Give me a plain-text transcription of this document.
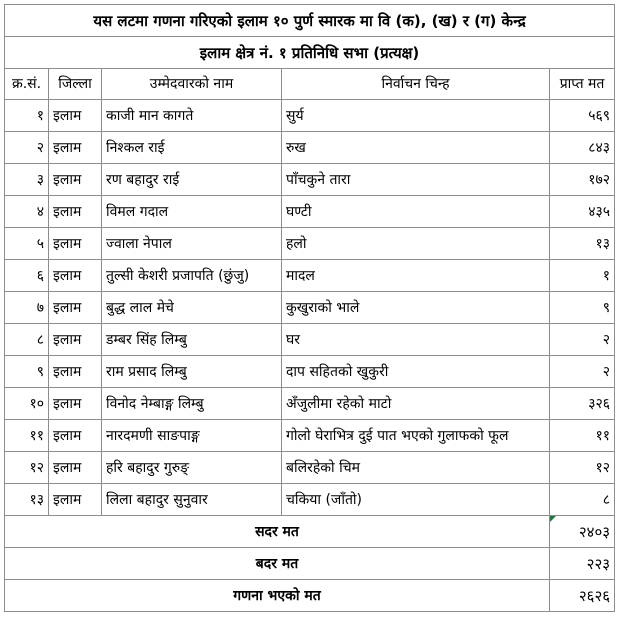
यस लटमा गणना गरिएको इलाम १० पुर्ण स्मारक मा वि (क), (ख) र (ग) केन्द्र				
इलाम क्षेत्र नं. १ प्रतिनिधि सभा (प्रत्यक्ष)				
क्र.सं.	जिल्ला	उम्मेदवारको नाम	निर्वाचन चिन्ह	प्राप्त मत
१	इलाम	काजी मान कागते	सुर्य	५६९
२	इलाम	निश्कल राई	रुख	८४३
३	इलाम	रण बहादुर राई	पाँचकुने तारा	१७२
४	इलाम	विमल गदाल	घण्टी	४३५
५	इलाम	ज्वाला नेपाल	हलो	१३
६	इलाम	तुल्सी केशरी प्रजापति (छुंजु)	मादल	१
७	इलाम	बुद्ध लाल मेचे	कुखुराको भाले	९
८	इलाम	डम्बर सिंह लिम्बु	घर	२
९	इलाम	राम प्रसाद लिम्बु	दाप सहितको खुकुरी	२
१०	इलाम	विनोद नेम्बाङ्ग लिम्बु	अँजुलीमा रहेको माटो	३२६
११	इलाम	नारदमणी साङपाङ्ग	गोलो घेराभित्र दुई पात भएको गुलाफको फूल	११
१२	इलाम	हरि बहादुर गुरुङ्	बलिरहेको चिम	१२
१३	इलाम	लिला बहादुर सुनुवार	चकिया (जाँतो)	८
सदर मत				२४०३
बदर मत				२२३
गणना भएको मत				२६२६
